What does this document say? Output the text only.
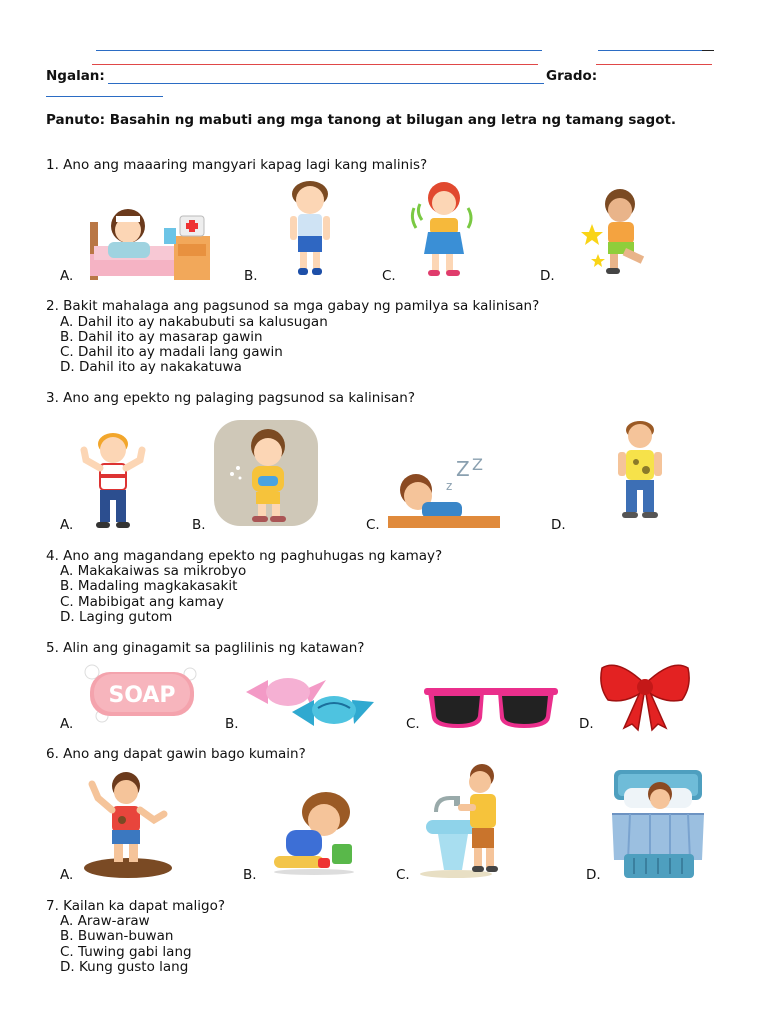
Ngalan:	Grado:
Panuto: Basahin ng mabuti ang mga tanong at bilugan ang letra ng tamang sagot.
1. Ano ang maaaring mangyari kapag lagi kang malinis?
A.	B.	C.	D.
2. Bakit mahalaga ang pagsunod sa mga gabay ng pamilya sa kalinisan?
A. Dahil ito ay nakabubuti sa kalusugan
B. Dahil ito ay masarap gawin
C. Dahil ito ay madali lang gawin
D. Dahil ito ay nakakatuwa
3. Ano ang epekto ng palaging pagsunod sa kalinisan?
A.	B.	C.	D.
Z Z
z
4. Ano ang magandang epekto ng paghuhugas ng kamay?
A. Makakaiwas sa mikrobyo
B. Madaling magkakasakit
C. Mabibigat ang kamay
D. Laging gutom
5. Alin ang ginagamit sa paglilinis ng katawan?
A.	B.	C.	D.
SOAP
6. Ano ang dapat gawin bago kumain?
A.	B.	C.	D.
7. Kailan ka dapat maligo?
A. Araw-araw
B. Buwan-buwan
C. Tuwing gabi lang
D. Kung gusto lang
